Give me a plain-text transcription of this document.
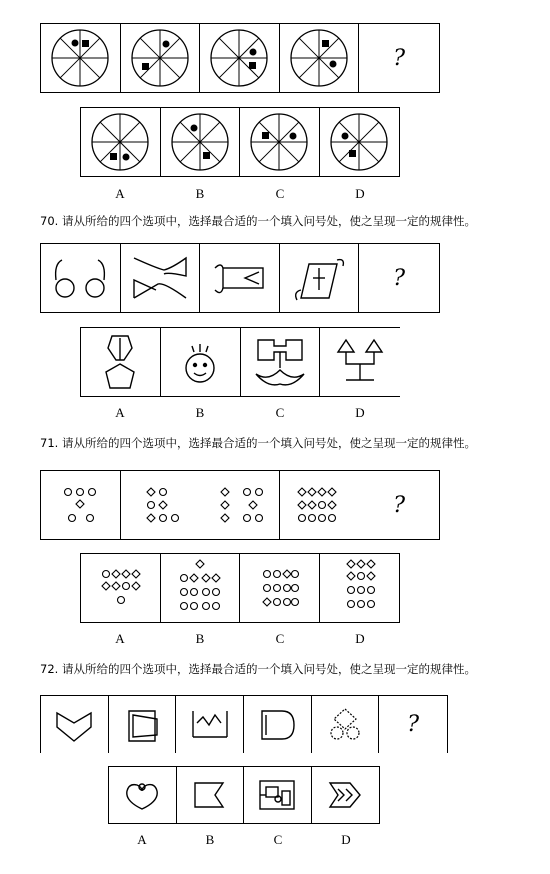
?
A	B	C	D
70. 请从所给的四个选项中，选择最合适的一个填入问号处，使之呈现一定的规律性。
?
A	B	C	D
71. 请从所给的四个选项中，选择最合适的一个填入问号处，使之呈现一定的规律性。
?
A	B	C	D
72. 请从所给的四个选项中，选择最合适的一个填入问号处，使之呈现一定的规律性。
?
A	B	C	D
